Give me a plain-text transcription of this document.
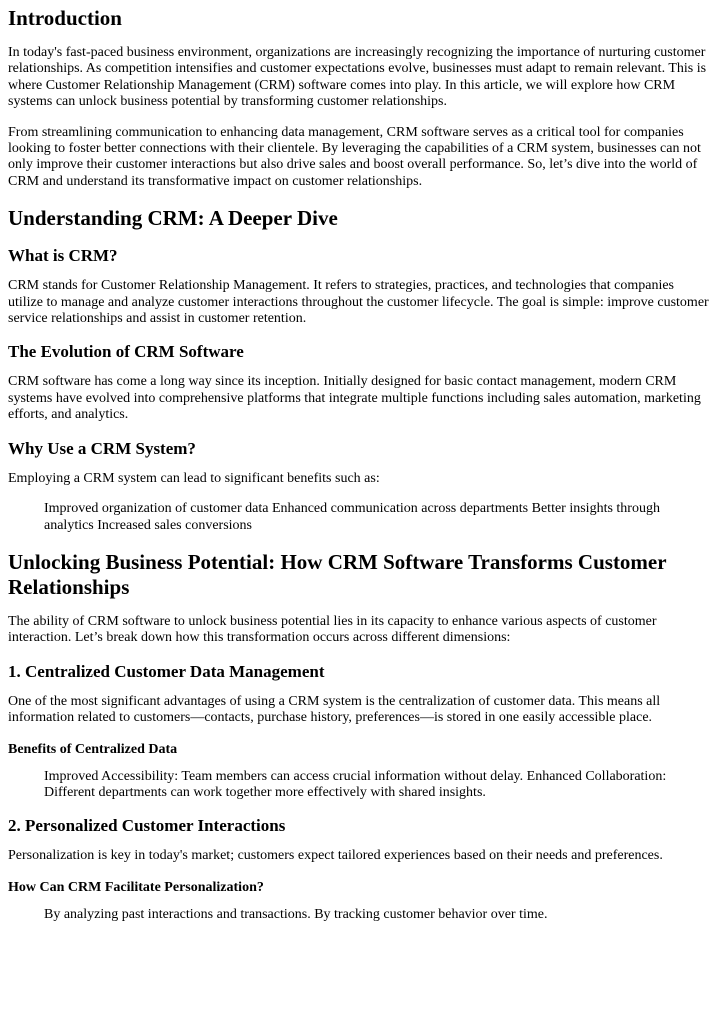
Introduction

In today's fast-paced business environment, organizations are increasingly recognizing the importance of nurturing customer relationships. As competition intensifies and customer expectations evolve, businesses must adapt to remain relevant. This is where Customer Relationship Management (CRM) software comes into play. In this article, we will explore how CRM systems can unlock business potential by transforming customer relationships.

From streamlining communication to enhancing data management, CRM software serves as a critical tool for companies looking to foster better connections with their clientele. By leveraging the capabilities of a CRM system, businesses can not only improve their customer interactions but also drive sales and boost overall performance. So, let’s dive into the world of CRM and understand its transformative impact on customer relationships.

Understanding CRM: A Deeper Dive
What is CRM?

CRM stands for Customer Relationship Management. It refers to strategies, practices, and technologies that companies utilize to manage and analyze customer interactions throughout the customer lifecycle. The goal is simple: improve customer service relationships and assist in customer retention.

The Evolution of CRM Software

CRM software has come a long way since its inception. Initially designed for basic contact management, modern CRM systems have evolved into comprehensive platforms that integrate multiple functions including sales automation, marketing efforts, and analytics.

Why Use a CRM System?

Employing a CRM system can lead to significant benefits such as:

Improved organization of customer data Enhanced communication across departments Better insights through analytics Increased sales conversions
Unlocking Business Potential: How CRM Software Transforms Customer Relationships

The ability of CRM software to unlock business potential lies in its capacity to enhance various aspects of customer interaction. Let’s break down how this transformation occurs across different dimensions:

1. Centralized Customer Data Management

One of the most significant advantages of using a CRM system is the centralization of customer data. This means all information related to customers—contacts, purchase history, preferences—is stored in one easily accessible place.

Benefits of Centralized Data
Improved Accessibility: Team members can access crucial information without delay. Enhanced Collaboration: Different departments can work together more effectively with shared insights.
2. Personalized Customer Interactions

Personalization is key in today's market; customers expect tailored experiences based on their needs and preferences.

How Can CRM Facilitate Personalization?
By analyzing past interactions and transactions. By tracking customer behavior over time.
